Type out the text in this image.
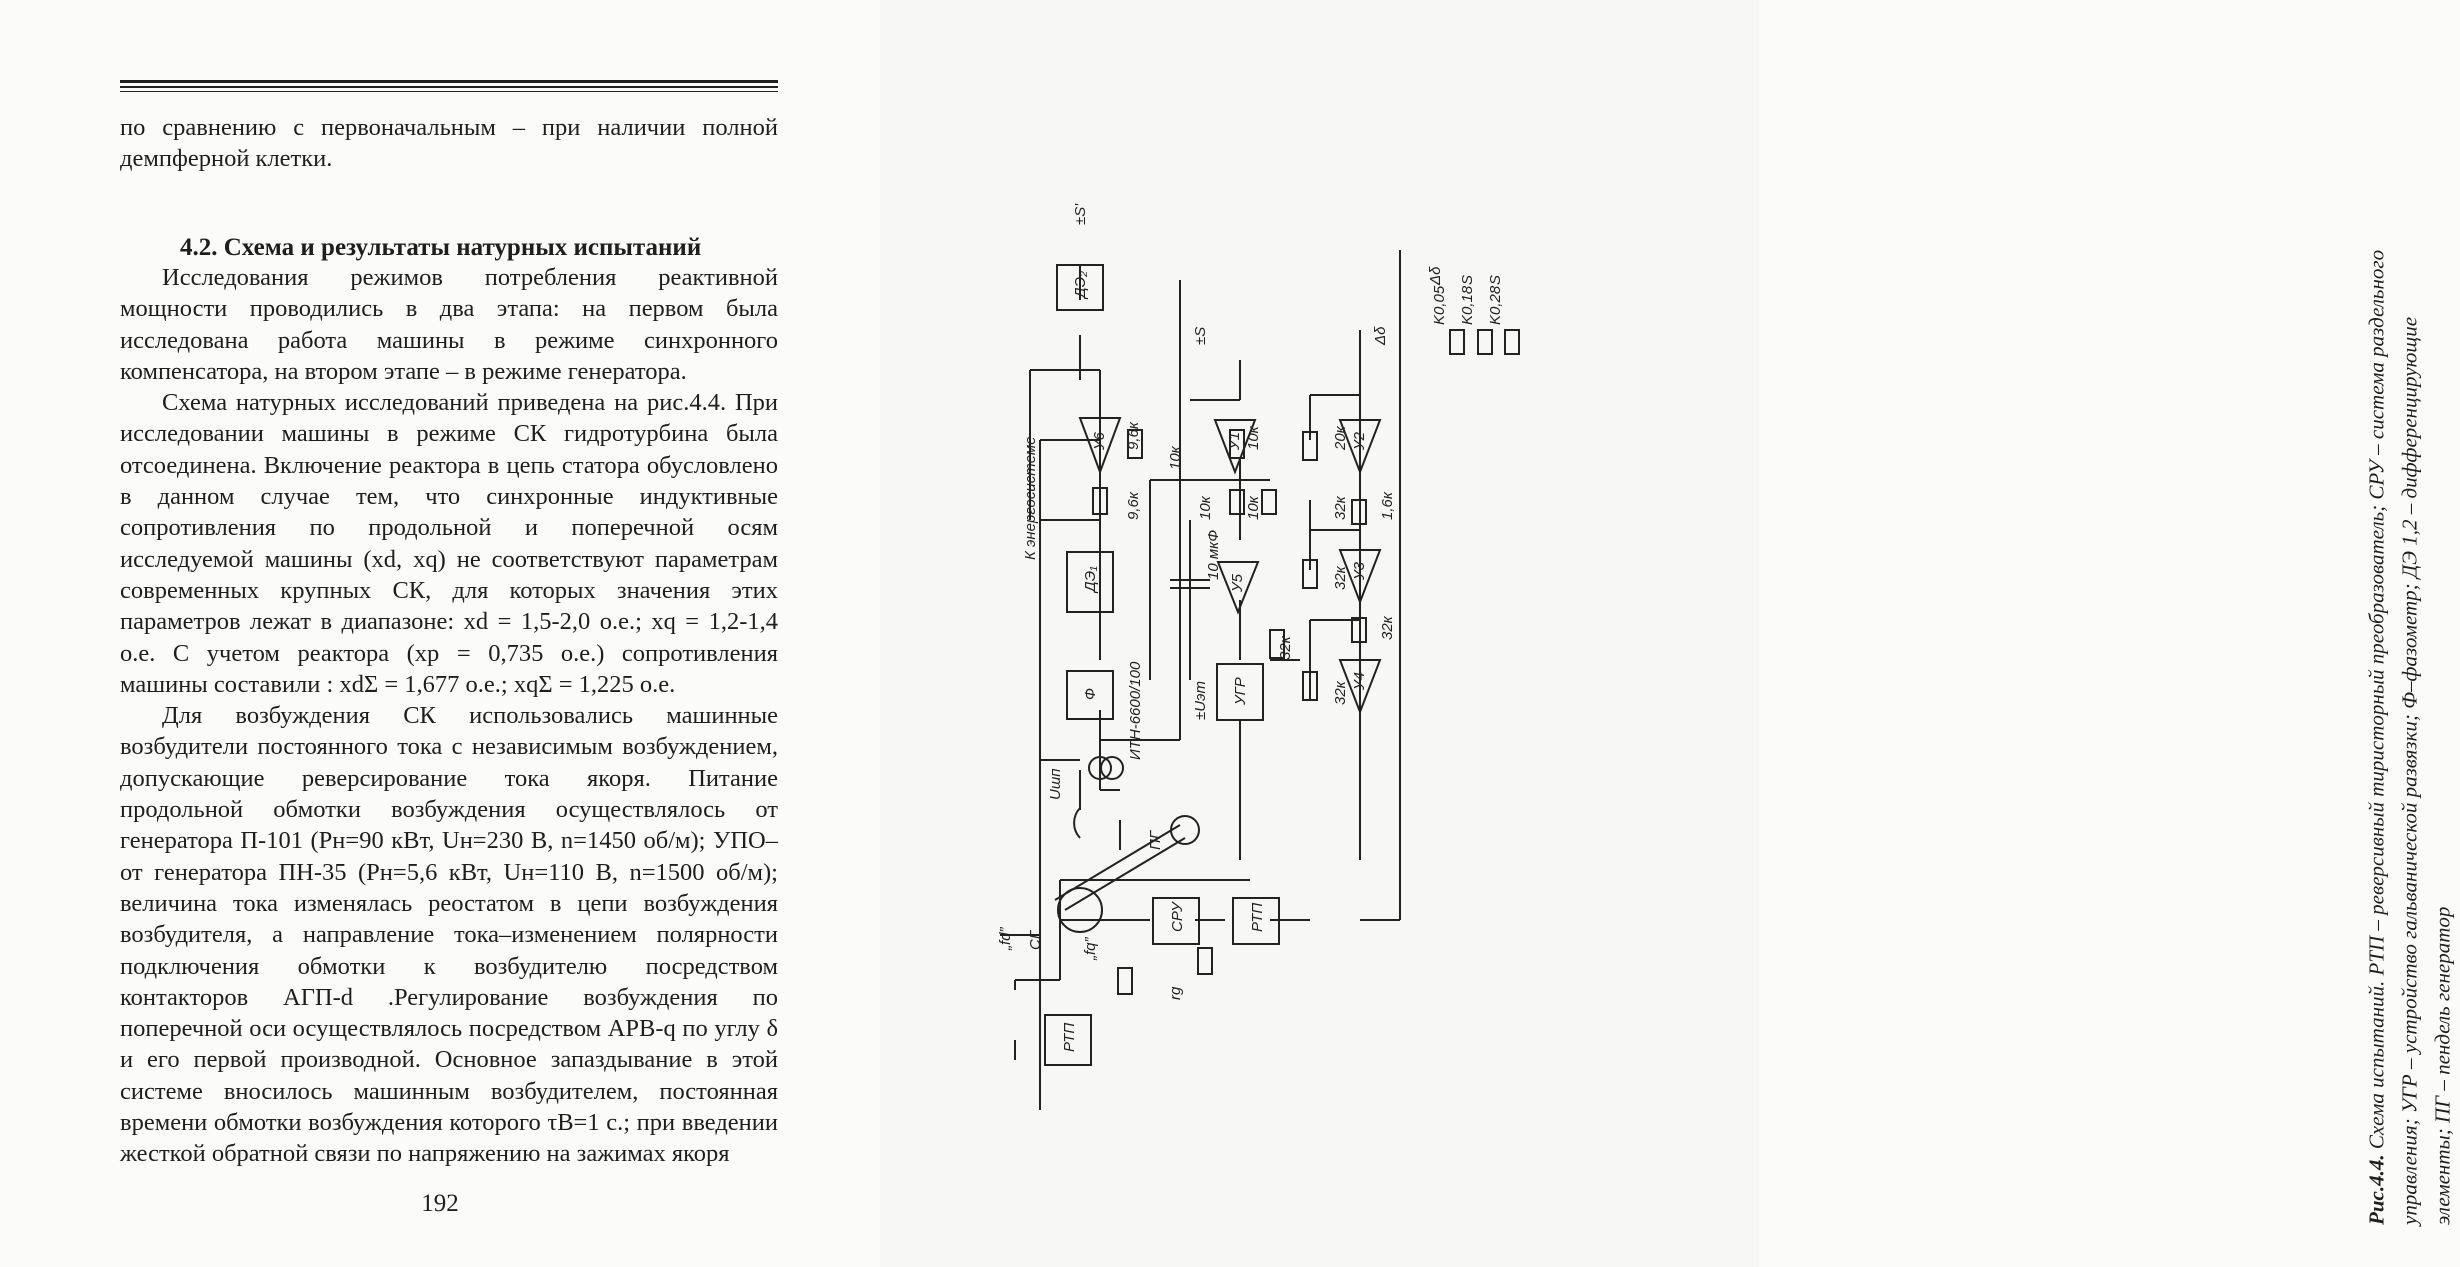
по сравнению с первоначальным – при наличии полной демпферной клетки.
4.2. Схема и результаты натурных испытаний

Исследования режимов потребления реактивной мощности проводились в два этапа: на первом была исследована работа машины в режиме синхронного компенсатора, на втором этапе – в режиме генератора.

Схема натурных исследований приведена на рис.4.4. При исследовании машины в режиме СК гидротурбина была отсоединена. Включение реактора в цепь статора обусловлено в данном случае тем, что синхронные индуктивные сопротивления по продольной и поперечной осям исследуемой машины (xd, xq) не соответствуют параметрам современных крупных СК, для которых значения этих параметров лежат в диапазоне: xd = 1,5-2,0 о.е.; xq = 1,2-1,4 о.е. С учетом реактора (xр = 0,735 о.е.) сопротивления машины составили : xdΣ = 1,677 о.е.; xqΣ = 1,225 о.е.

Для возбуждения СК использовались машинные возбудители постоянного тока с независимым возбуждением, допускающие реверсирование тока якоря. Питание продольной обмотки возбуждения осуществлялось от генератора П-101 (Pн=90 кВт, Uн=230 В, n=1450 об/м); УПО–от генератора ПН-35 (Pн=5,6 кВт, Uн=110 В, n=1500 об/м); величина тока изменялась реостатом в цепи возбуждения возбудителя, а направление тока–изменением полярности подключения обмотки к возбудителю посредством контакторов АГП-d .Регулирование возбуждения по поперечной оси осуществлялось посредством АРВ-q по углу δ и его первой производной. Основное запаздывание в этой системе вносилось машинным возбудителем, постоянная времени обмотки возбуждения которого τB=1 с.; при введении жесткой обратной связи по напряжению на зажимах якоря

192
К энергосистеме
ИТН-6600/100
Uшп
СГ
ПГ
„fd”	„fq”
rg
±Uэт
9,6к
9,6к
10к
10к
10к
10к
10 мкФ
20к
32к
32к
32к
32к
32к
1,6к
K0,05 K0,18 K0,28
±S'
±S	Δδ
Δδ S S
ДЭ₂
ДЭ₁
Ф	УГР
РТП
СРУ
РТП
У6	У1
У5
У2
У3
У4
Рис.4.4. Схема испытаний. РТП – реверсивный тиристорный преобразователь; СРУ – система раздельного управления; УГР – устройство гальванической развязки; Ф–фазометр; ДЭ 1,2 – дифференцирующие элементы; ПГ – пендель генератор
